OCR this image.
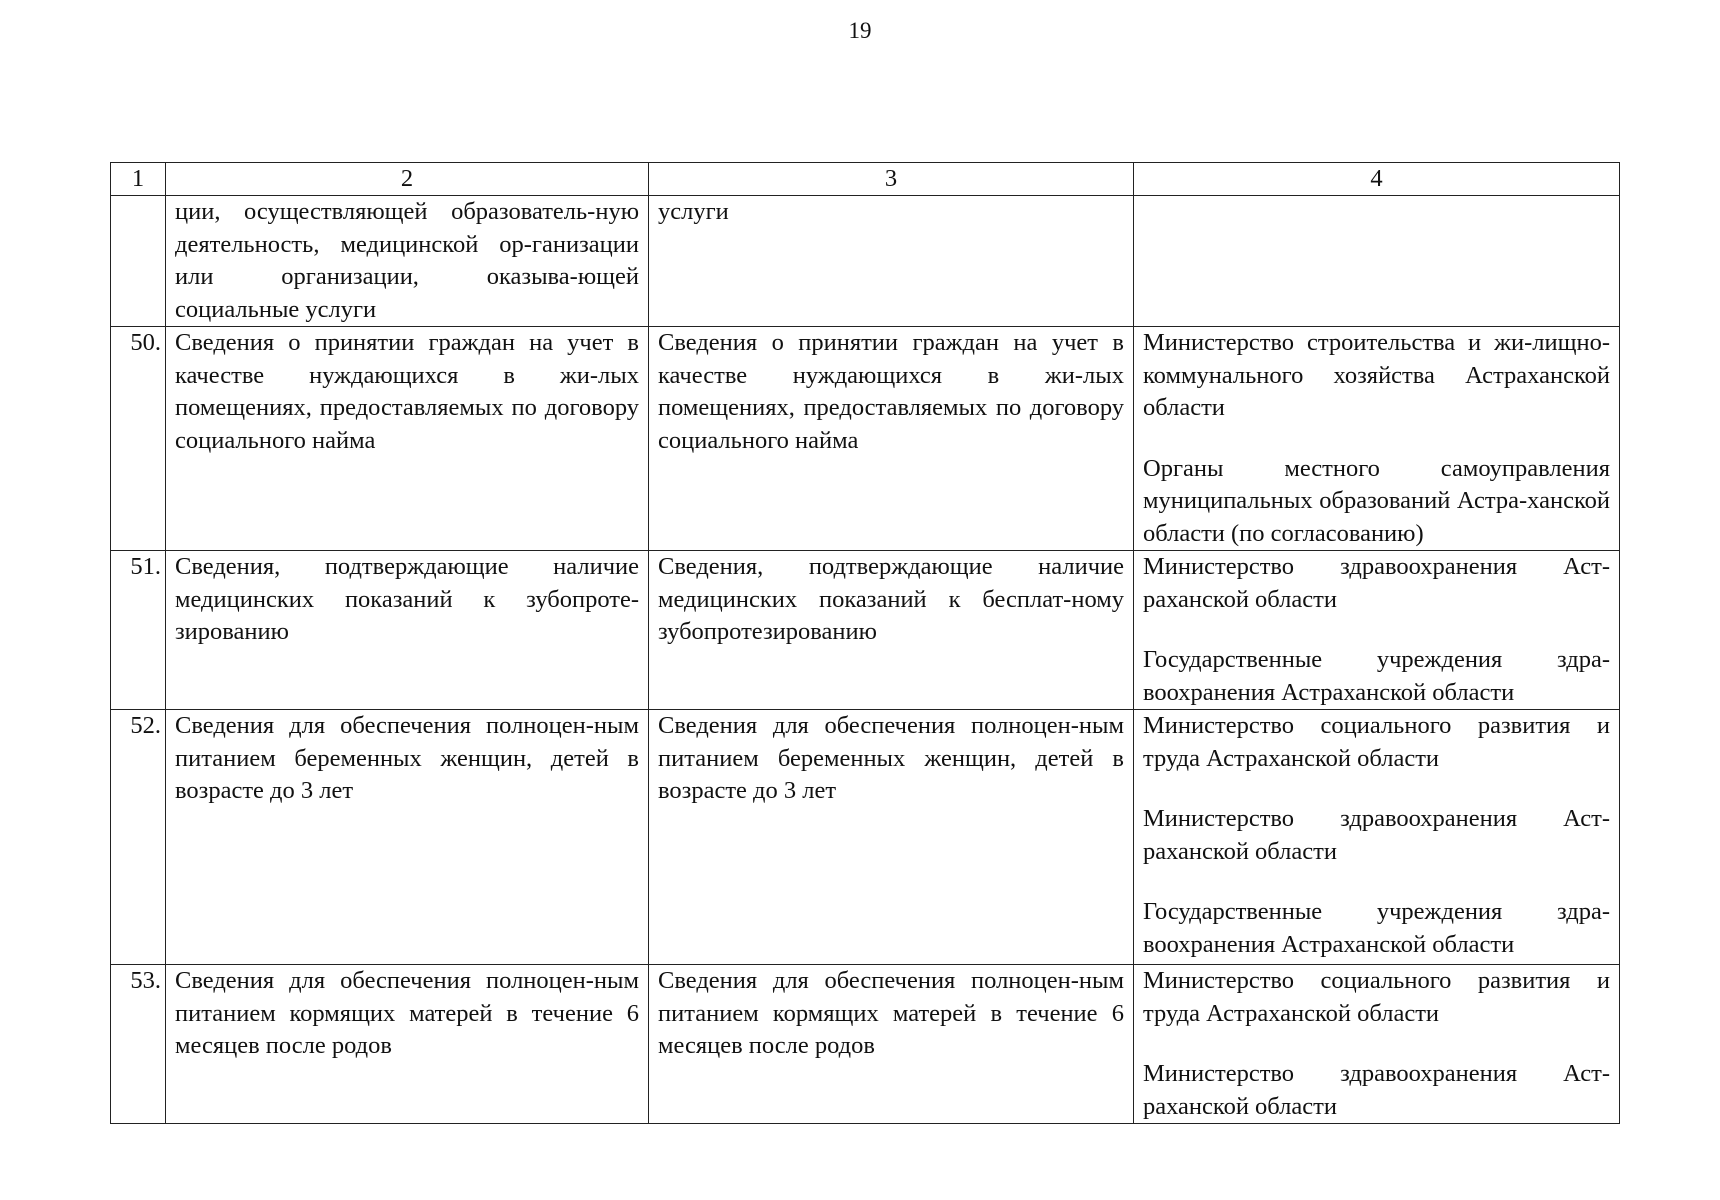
19
1	2	3	4

	ции, осуществляющей образователь-ную деятельность, медицинской ор-ганизации или организации, оказыва-ющей социальные услуги	услуги	

50.	Сведения о принятии граждан на учет в качестве нуждающихся в жи-лых помещениях, предоставляемых по договору социального найма	Сведения о принятии граждан на учет в качестве нуждающихся в жи-лых помещениях, предоставляемых по договору социального найма	Министерство строительства и жи-лищно-коммунального хозяйства Астраханской области
Органы местного самоуправления муниципальных образований Астра-ханской области (по согласованию)

51.	Сведения, подтверждающие наличие медицинских показаний к зубопроте-зированию	Сведения, подтверждающие наличие медицинских показаний к бесплат-ному зубопротезированию	Министерство здравоохранения Аст-раханской области
Государственные учреждения здра-воохранения Астраханской области

52.	Сведения для обеспечения полноцен-ным питанием беременных женщин, детей в возрасте до 3 лет	Сведения для обеспечения полноцен-ным питанием беременных женщин, детей в возрасте до 3 лет	Министерство социального развития и труда Астраханской области
Министерство здравоохранения Аст-раханской области
Государственные учреждения здра-воохранения Астраханской области

53.	Сведения для обеспечения полноцен-ным питанием кормящих матерей в течение 6 месяцев после родов	Сведения для обеспечения полноцен-ным питанием кормящих матерей в течение 6 месяцев после родов	Министерство социального развития и труда Астраханской области
Министерство здравоохранения Аст-раханской области
